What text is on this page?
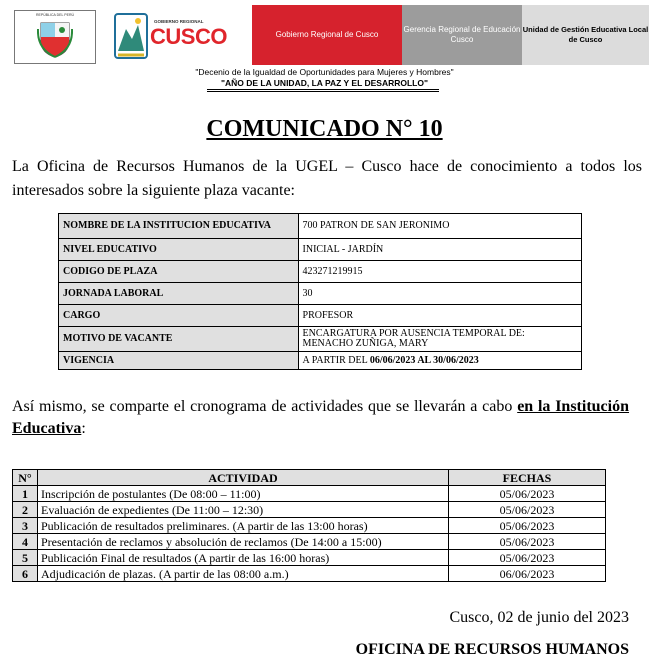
REPÚBLICA DEL PERÚ
GOBIERNO REGIONAL
CUSCO	Gobierno Regional de Cusco
Gerencia Regional de Educación Cusco
Unidad de Gestión Educativa Local de Cusco
"Decenio de la Igualdad de Oportunidades para Mujeres y Hombres"
"AÑO DE LA UNIDAD, LA PAZ Y EL DESARROLLO"
COMUNICADO N° 10
La Oficina de Recursos Humanos de la UGEL – Cusco hace de conocimiento a todos los interesados sobre la siguiente plaza vacante:
NOMBRE DE LA INSTITUCION EDUCATIVA	700 PATRON DE SAN JERONIMO
NIVEL EDUCATIVO	INICIAL - JARDÍN
CODIGO DE PLAZA	423271219915
JORNADA LABORAL	30
CARGO	PROFESOR
MOTIVO DE VACANTE	ENCARGATURA POR AUSENCIA TEMPORAL DE: MENACHO ZUÑIGA, MARY
VIGENCIA	A PARTIR DEL 06/06/2023 AL 30/06/2023
Así mismo, se comparte el cronograma de actividades que se llevarán a cabo en la Institución Educativa:
N°	ACTIVIDAD	FECHAS
1	Inscripción de postulantes (De 08:00 – 11:00)	05/06/2023
2	Evaluación de expedientes (De 11:00 – 12:30)	05/06/2023
3	Publicación de resultados preliminares. (A partir de las 13:00 horas)	05/06/2023
4	Presentación de reclamos y absolución de reclamos (De 14:00 a 15:00)	05/06/2023
5	Publicación Final de resultados (A partir de las 16:00 horas)	05/06/2023
6	Adjudicación de plazas. (A partir de las 08:00 a.m.)	06/06/2023
Cusco, 02 de junio del 2023
OFICINA DE RECURSOS HUMANOS
